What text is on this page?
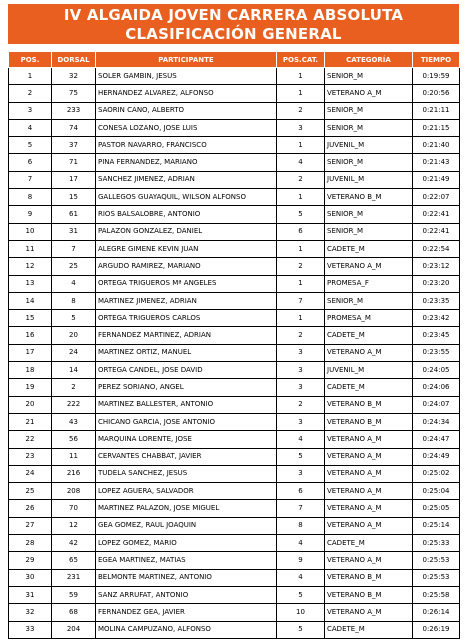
IV ALGAIDA JOVEN CARRERA ABSOLUTA
CLASIFICACIÓN GENERAL
POS.	DORSAL	PARTICIPANTE	POS.CAT.	CATEGORÍA	TIEMPO
1	32	SOLER GAMBIN, JESUS	1	SENIOR_M	0:19:59
2	75	HERNANDEZ ALVAREZ, ALFONSO	1	VETERANO A_M	0:20:56
3	233	SAORIN CANO, ALBERTO	2	SENIOR_M	0:21:11
4	74	CONESA LOZANO, JOSE LUIS	3	SENIOR_M	0:21:15
5	37	PASTOR NAVARRO, FRANCISCO	1	JUVENIL_M	0:21:40
6	71	PINA FERNANDEZ, MARIANO	4	SENIOR_M	0:21:43
7	17	SANCHEZ JIMENEZ, ADRIAN	2	JUVENIL_M	0:21:49
8	15	GALLEGOS GUAYAQUIL, WILSON ALFONSO	1	VETERANO B_M	0:22:07
9	61	RIOS BALSALOBRE, ANTONIO	5	SENIOR_M	0:22:41
10	31	PALAZON GONZALEZ, DANIEL	6	SENIOR_M	0:22:41
11	7	ALEGRE GIMENE KEVIN JUAN	1	CADETE_M	0:22:54
12	25	ARGUDO RAMIREZ, MARIANO	2	VETERANO A_M	0:23:12
13	4	ORTEGA TRIGUEROS Mª ANGELES	1	PROMESA_F	0:23:20
14	8	MARTINEZ JIMENEZ, ADRIAN	7	SENIOR_M	0:23:35
15	5	ORTEGA TRIGUEROS CARLOS	1	PROMESA_M	0:23:42
16	20	FERNANDEZ MARTINEZ, ADRIAN	2	CADETE_M	0:23:45
17	24	MARTINEZ ORTIZ, MANUEL	3	VETERANO A_M	0:23:55
18	14	ORTEGA CANDEL, JOSE DAVID	3	JUVENIL_M	0:24:05
19	2	PEREZ SORIANO, ANGEL	3	CADETE_M	0:24:06
20	222	MARTINEZ BALLESTER, ANTONIO	2	VETERANO B_M	0:24:07
21	43	CHICANO GARCIA, JOSE ANTONIO	3	VETERANO B_M	0:24:34
22	56	MARQUINA LORENTE, JOSE	4	VETERANO A_M	0:24:47
23	11	CERVANTES CHABBAT, JAVIER	5	VETERANO A_M	0:24:49
24	216	TUDELA SANCHEZ, JESUS	3	VETERANO A_M	0:25:02
25	208	LOPEZ AGUERA, SALVADOR	6	VETERANO A_M	0:25:04
26	70	MARTINEZ PALAZON, JOSE MIGUEL	7	VETERANO A_M	0:25:05
27	12	GEA GOMEZ, RAUL JOAQUIN	8	VETERANO A_M	0:25:14
28	42	LOPEZ GOMEZ, MARIO	4	CADETE_M	0:25:33
29	65	EGEA MARTINEZ, MATIAS	9	VETERANO A_M	0:25:53
30	231	BELMONTE MARTINEZ, ANTONIO	4	VETERANO B_M	0:25:53
31	59	SANZ ARRUFAT, ANTONIO	5	VETERANO B_M	0:25:58
32	68	FERNANDEZ GEA, JAVIER	10	VETERANO A_M	0:26:14
33	204	MOLINA CAMPUZANO, ALFONSO	5	CADETE_M	0:26:19
